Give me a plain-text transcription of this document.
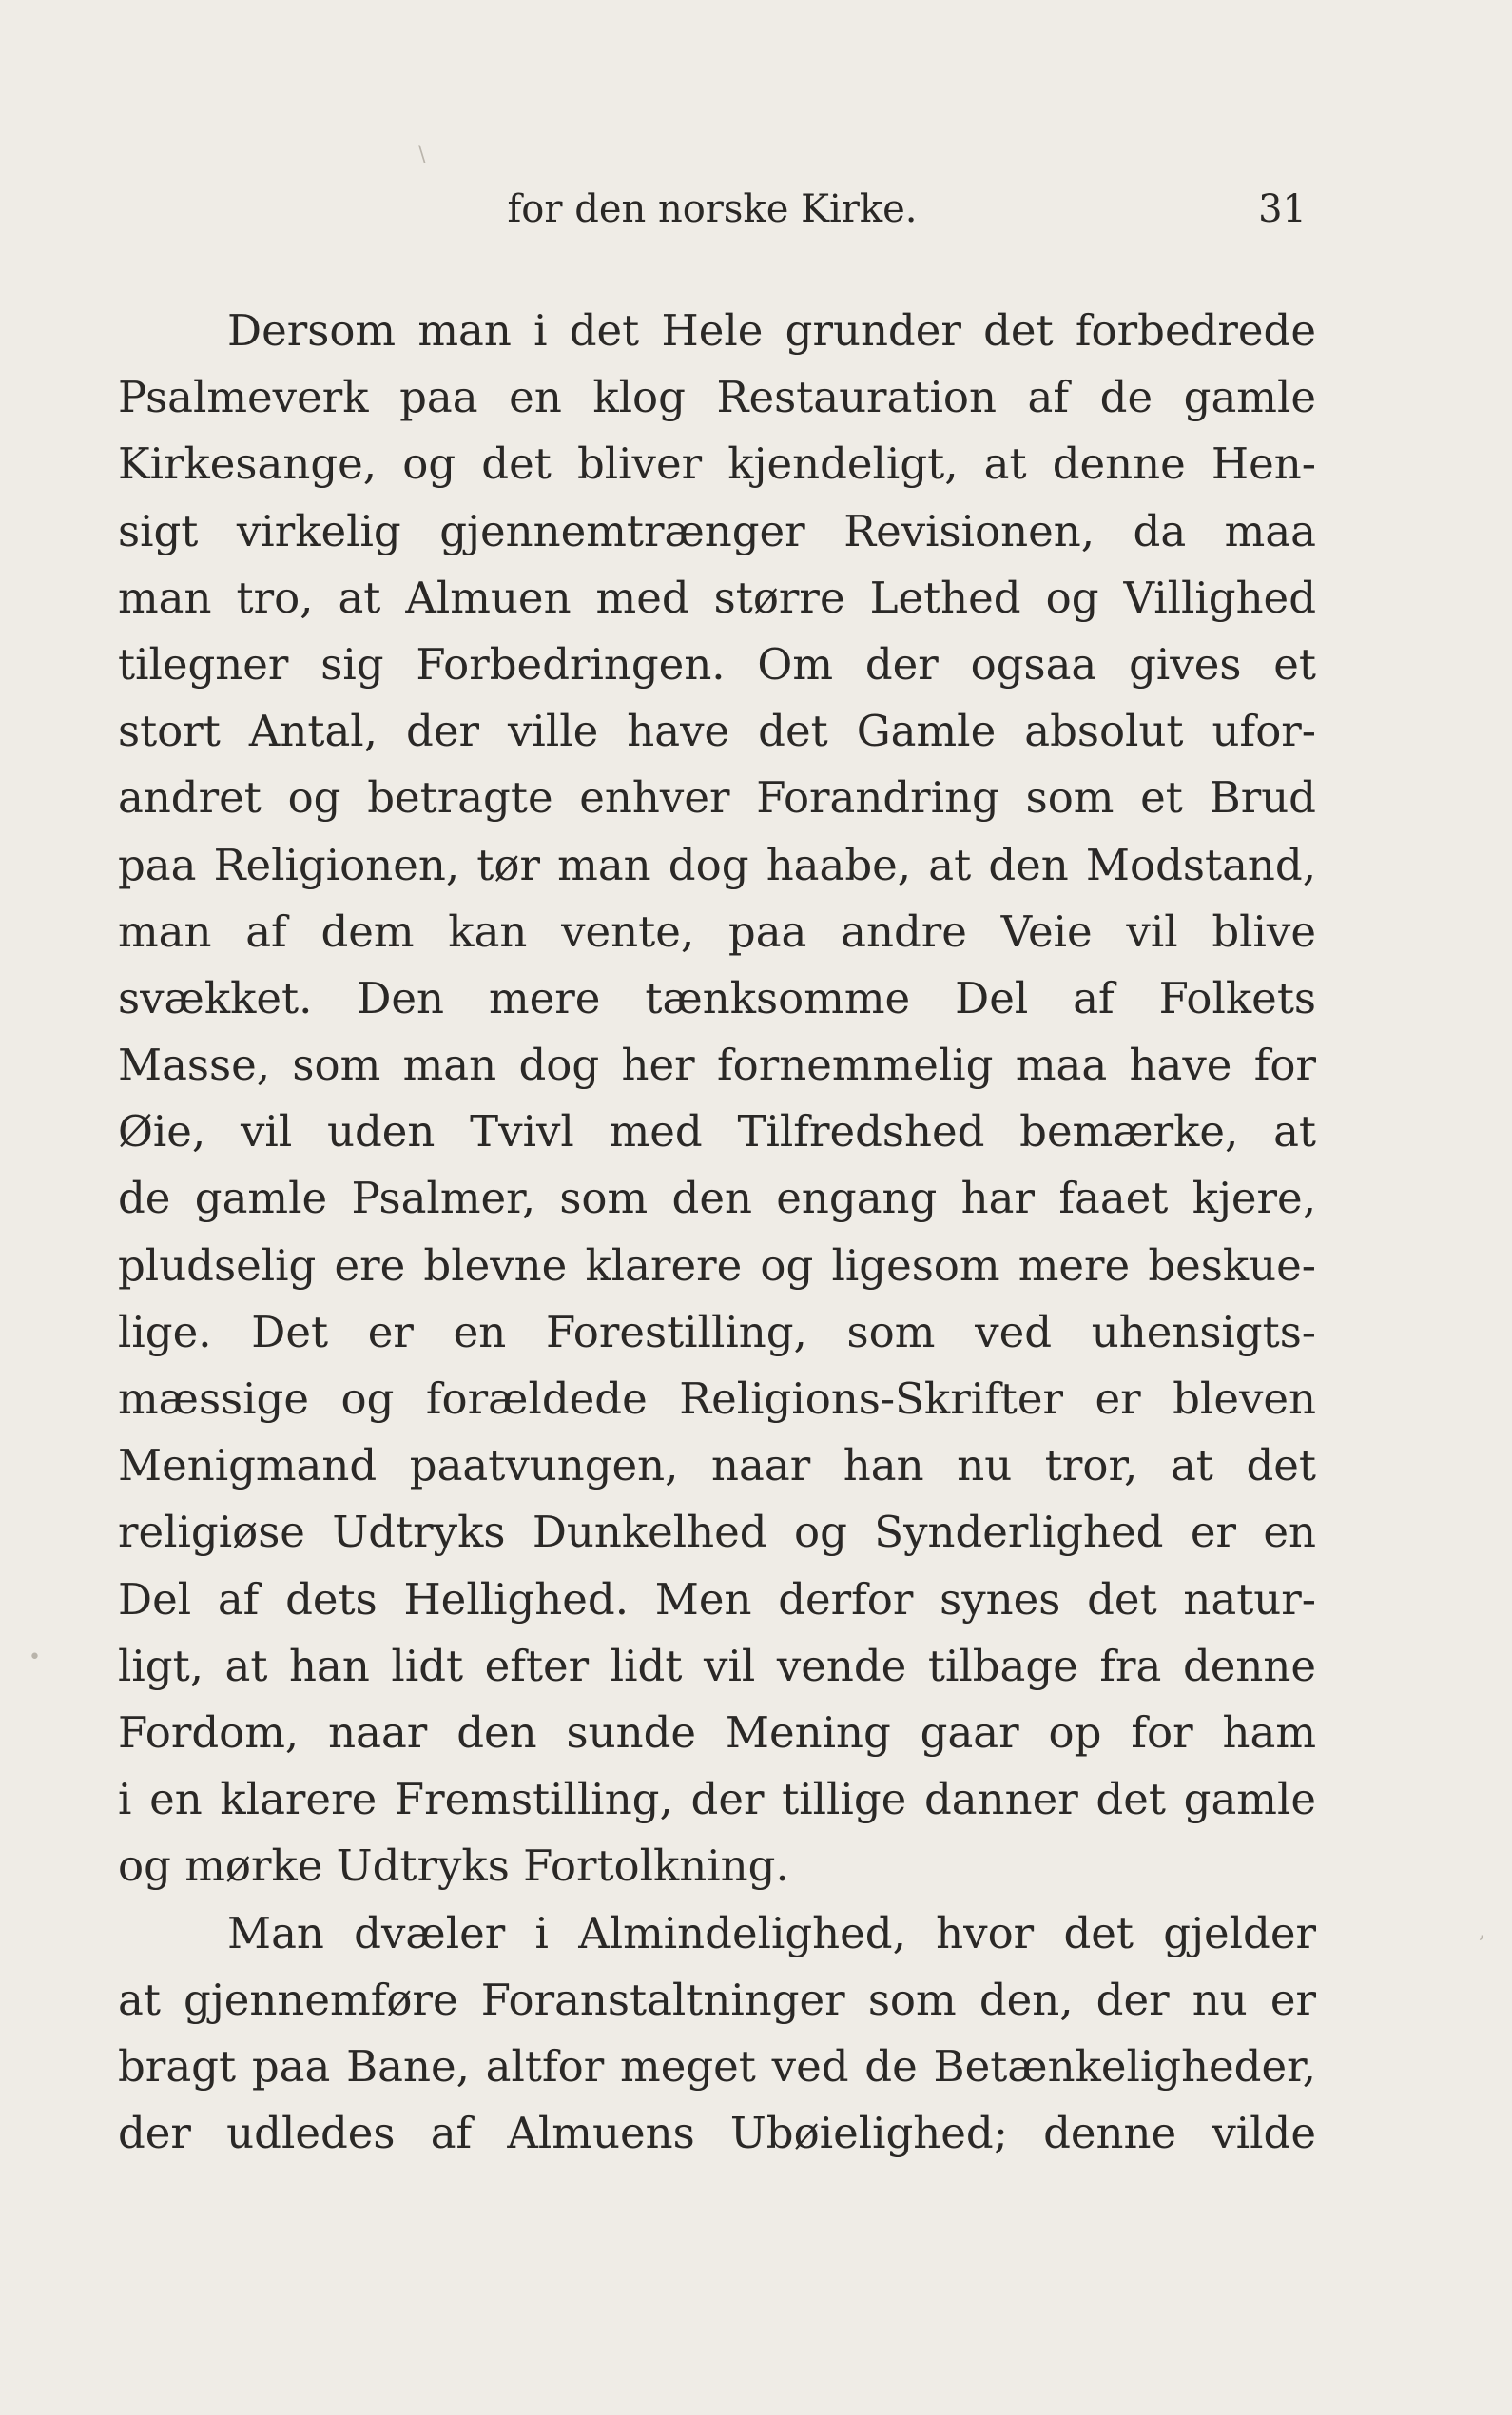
for den norske Kirke.	31
Dersom man i det Hele grunder det forbedrede
Psalmeverk paa en klog Restauration af de gamle
Kirkesange, og det bliver kjendeligt, at denne Hen-
sigt virkelig gjennemtrænger Revisionen, da maa
man tro, at Almuen med større Lethed og Villighed
tilegner sig Forbedringen. Om der ogsaa gives et
stort Antal, der ville have det Gamle absolut ufor-
andret og betragte enhver Forandring som et Brud
paa Religionen, tør man dog haabe, at den Modstand,
man af dem kan vente, paa andre Veie vil blive
svækket. Den mere tænksomme Del af Folkets
Masse, som man dog her fornemmelig maa have for
Øie, vil uden Tvivl med Tilfredshed bemærke, at
de gamle Psalmer, som den engang har faaet kjere,
pludselig ere blevne klarere og ligesom mere beskue-
lige. Det er en Forestilling, som ved uhensigts-
mæssige og forældede Religions-Skrifter er bleven
Menigmand paatvungen, naar han nu tror, at det
religiøse Udtryks Dunkelhed og Synderlighed er en
Del af dets Hellighed. Men derfor synes det natur-
ligt, at han lidt efter lidt vil vende tilbage fra denne
Fordom, naar den sunde Mening gaar op for ham
i en klarere Fremstilling, der tillige danner det gamle
og mørke Udtryks Fortolkning.
Man dvæler i Almindelighed, hvor det gjelder
at gjennemføre Foranstaltninger som den, der nu er
bragt paa Bane, altfor meget ved de Betænkeligheder,
der udledes af Almuens Ubøielighed; denne vilde
\
•
,
